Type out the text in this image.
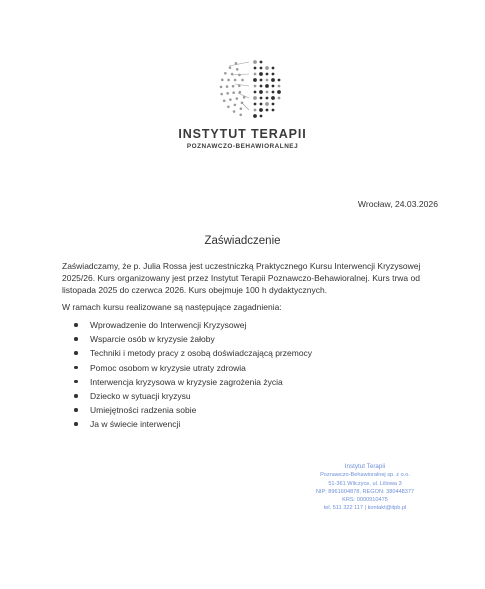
INSTYTUT TERAPII
POZNAWCZO-BEHAWIORALNEJ
Wrocław, 24.03.2026
Zaświadczenie

Zaświadczamy, że p. Julia Rossa jest uczestniczką Praktycznego Kursu Interwencji Kryzysowej
2025/26. Kurs organizowany jest przez Instytut Terapii Poznawczo-Behawioralnej. Kurs trwa od
listopada 2025 do czerwca 2026. Kurs obejmuje 100 h dydaktycznych.

W ramach kursu realizowane są następujące zagadnienia:

Wprowadzenie do Interwencji Kryzysowej
Wsparcie osób w kryzysie żałoby
Techniki i metody pracy z osobą doświadczającą przemocy
Pomoc osobom w kryzysie utraty zdrowia
Interwencja kryzysowa w kryzysie zagrożenia życia
Dziecko w sytuacji kryzysu
Umiejętności radzenia sobie
Ja w świecie interwencji
Instytut Terapii
Poznawczo-Behawioralnej sp. z o.o.
51-361 Wilczyce, ul. Liliowa 3
NIP: 8961604878, REGON: 380448377
KRS: 0000910475
tel. 511 322 117 | kontakt@itpb.pl
